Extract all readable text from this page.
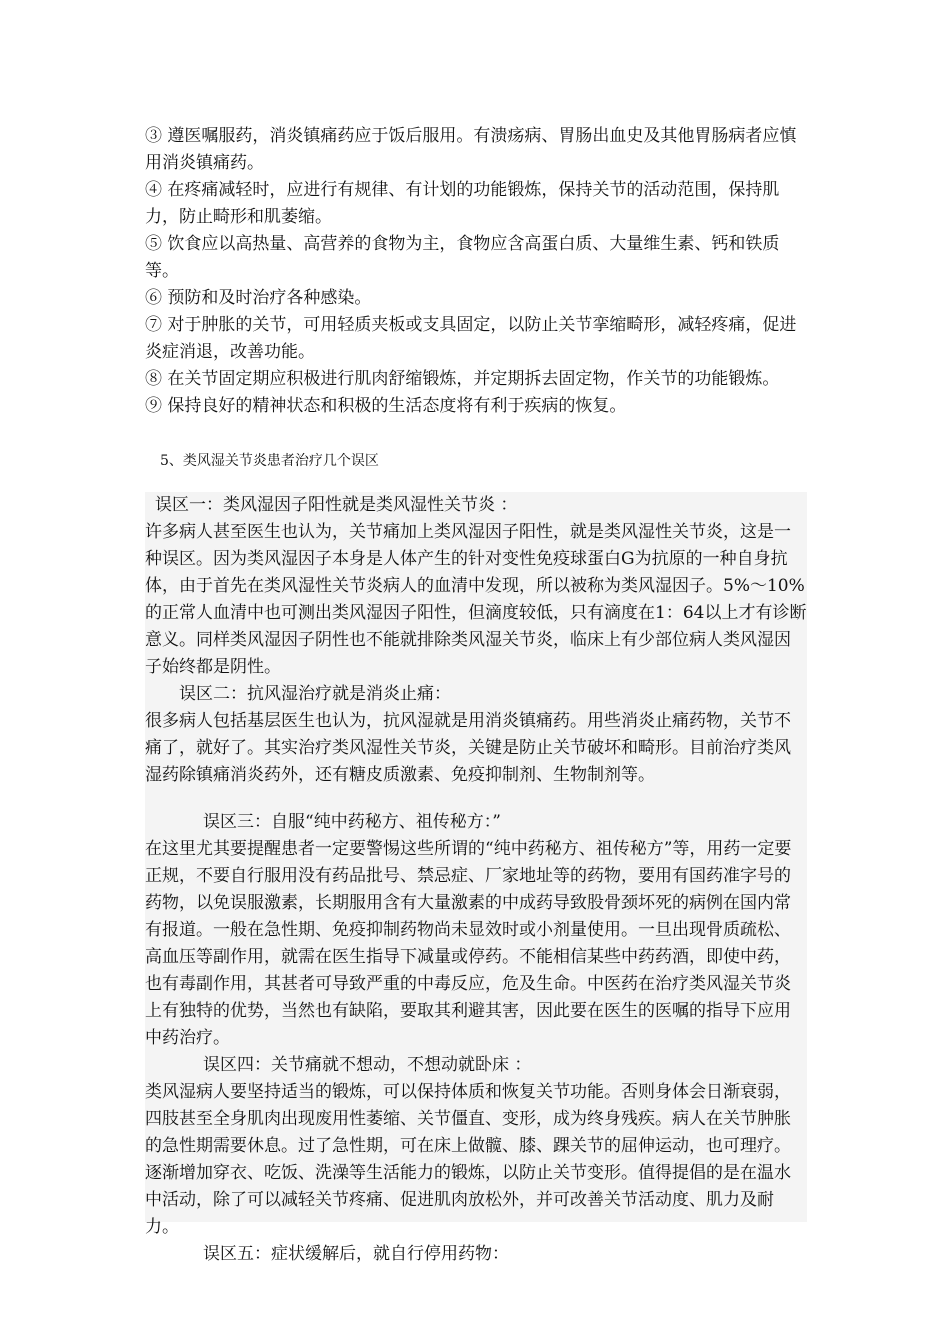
③ 遵医嘱服药，消炎镇痛药应于饭后服用。有溃疡病、胃肠出血史及其他胃肠病者应慎用消炎镇痛药。

④ 在疼痛减轻时，应进行有规律、有计划的功能锻炼，保持关节的活动范围，保持肌力，防止畸形和肌萎缩。

⑤ 饮食应以高热量、高营养的食物为主，食物应含高蛋白质、大量维生素、钙和铁质等。

⑥ 预防和及时治疗各种感染。

⑦ 对于肿胀的关节，可用轻质夹板或支具固定，以防止关节挛缩畸形，减轻疼痛，促进炎症消退，改善功能。

⑧ 在关节固定期应积极进行肌肉舒缩锻炼，并定期拆去固定物，作关节的功能锻炼。

⑨ 保持良好的精神状态和积极的生活态度将有利于疾病的恢复。

5、类风湿关节炎患者治疗几个误区

误区一：类风湿因子阳性就是类风湿性关节炎 ：

许多病人甚至医生也认为，关节痛加上类风湿因子阳性，就是类风湿性关节炎，这是一种误区。因为类风湿因子本身是人体产生的针对变性免疫球蛋白G为抗原的一种自身抗体，由于首先在类风湿性关节炎病人的血清中发现，所以被称为类风湿因子。5%～10%的正常人血清中也可测出类风湿因子阳性，但滴度较低，只有滴度在1：64以上才有诊断意义。同样类风湿因子阴性也不能就排除类风湿关节炎，临床上有少部位病人类风湿因子始终都是阴性。

误区二：抗风湿治疗就是消炎止痛：

很多病人包括基层医生也认为，抗风湿就是用消炎镇痛药。用些消炎止痛药物，关节不痛了，就好了。其实治疗类风湿性关节炎，关键是防止关节破坏和畸形。目前治疗类风湿药除镇痛消炎药外，还有糖皮质激素、免疫抑制剂、生物制剂等。

误区三：自服“纯中药秘方、祖传秘方：”

在这里尤其要提醒患者一定要警惕这些所谓的“纯中药秘方、祖传秘方”等，用药一定要正规，不要自行服用没有药品批号、禁忌症、厂家地址等的药物，要用有国药准字号的药物，以免误服激素，长期服用含有大量激素的中成药导致股骨颈坏死的病例在国内常有报道。一般在急性期、免疫抑制药物尚未显效时或小剂量使用。一旦出现骨质疏松、高血压等副作用，就需在医生指导下减量或停药。不能相信某些中药药酒，即使中药，也有毒副作用，其甚者可导致严重的中毒反应，危及生命。中医药在治疗类风湿关节炎上有独特的优势，当然也有缺陷，要取其利避其害，因此要在医生的医嘱的指导下应用中药治疗。

误区四：关节痛就不想动，不想动就卧床 ：

类风湿病人要坚持适当的锻炼，可以保持体质和恢复关节功能。否则身体会日渐衰弱，四肢甚至全身肌肉出现废用性萎缩、关节僵直、变形，成为终身残疾。病人在关节肿胀的急性期需要休息。过了急性期，可在床上做髋、膝、踝关节的屈伸运动，也可理疗。逐渐增加穿衣、吃饭、洗澡等生活能力的锻炼，以防止关节变形。值得提倡的是在温水中活动，除了可以减轻关节疼痛、促进肌肉放松外，并可改善关节活动度、肌力及耐力。

误区五：症状缓解后，就自行停用药物：
